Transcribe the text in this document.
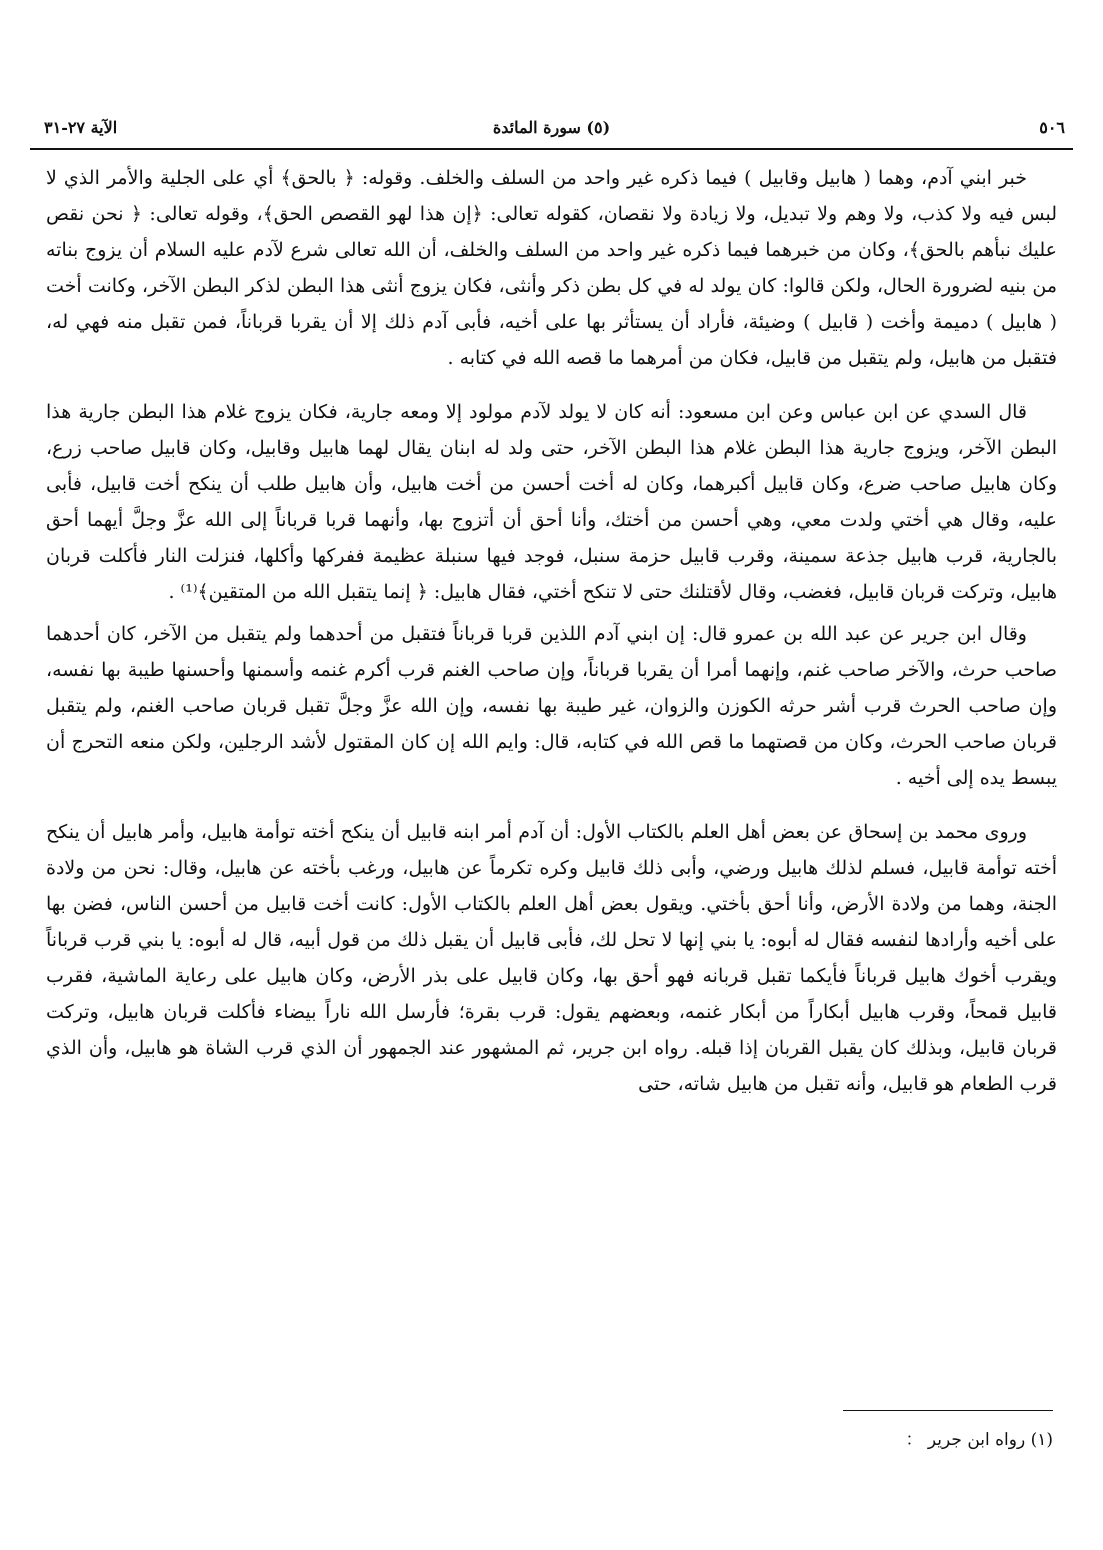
٥٠٦
(٥) سورة المائدة
الآية ٢٧-٣١

خبر ابني آدم، وهما ( هابيل وقابيل ) فيما ذكره غير واحد من السلف والخلف. وقوله: ﴿ بالحق﴾ أي على الجلية والأمر الذي لا لبس فيه ولا كذب، ولا وهم ولا تبديل، ولا زيادة ولا نقصان، كقوله تعالى: ﴿إن هذا لهو القصص الحق﴾، وقوله تعالى: ﴿ نحن نقص عليك نبأهم بالحق﴾، وكان من خبرهما فيما ذكره غير واحد من السلف والخلف، أن الله تعالى شرع لآدم عليه السلام أن يزوج بناته من بنيه لضرورة الحال، ولكن قالوا: كان يولد له في كل بطن ذكر وأنثى، فكان يزوج أنثى هذا البطن لذكر البطن الآخر، وكانت أخت ( هابيل ) دميمة وأخت ( قابيل ) وضيئة، فأراد أن يستأثر بها على أخيه، فأبى آدم ذلك إلا أن يقربا قرباناً، فمن تقبل منه فهي له، فتقبل من هابيل، ولم يتقبل من قابيل، فكان من أمرهما ما قصه الله في كتابه .

قال السدي عن ابن عباس وعن ابن مسعود: أنه كان لا يولد لآدم مولود إلا ومعه جارية، فكان يزوج غلام هذا البطن جارية هذا البطن الآخر، ويزوج جارية هذا البطن غلام هذا البطن الآخر، حتى ولد له ابنان يقال لهما هابيل وقابيل، وكان قابيل صاحب زرع، وكان هابيل صاحب ضرع، وكان قابيل أكبرهما، وكان له أخت أحسن من أخت هابيل، وأن هابيل طلب أن ينكح أخت قابيل، فأبى عليه، وقال هي أختي ولدت معي، وهي أحسن من أختك، وأنا أحق أن أتزوج بها، وأنهما قربا قرباناً إلى الله عزَّ وجلَّ أيهما أحق بالجارية، قرب هابيل جذعة سمينة، وقرب قابيل حزمة سنبل، فوجد فيها سنبلة عظيمة ففركها وأكلها، فنزلت النار فأكلت قربان هابيل، وتركت قربان قابيل، فغضب، وقال لأقتلنك حتى لا تنكح أختي، فقال هابيل: ﴿ إنما يتقبل الله من المتقين﴾⁽¹⁾ .

وقال ابن جرير عن عبد الله بن عمرو قال: إن ابني آدم اللذين قربا قرباناً فتقبل من أحدهما ولم يتقبل من الآخر، كان أحدهما صاحب حرث، والآخر صاحب غنم، وإنهما أمرا أن يقربا قرباناً، وإن صاحب الغنم قرب أكرم غنمه وأسمنها وأحسنها طيبة بها نفسه، وإن صاحب الحرث قرب أشر حرثه الكوزن والزوان، غير طيبة بها نفسه، وإن الله عزَّ وجلَّ تقبل قربان صاحب الغنم، ولم يتقبل قربان صاحب الحرث، وكان من قصتهما ما قص الله في كتابه، قال: وايم الله إن كان المقتول لأشد الرجلين، ولكن منعه التحرج أن يبسط يده إلى أخيه .

وروى محمد بن إسحاق عن بعض أهل العلم بالكتاب الأول: أن آدم أمر ابنه قابيل أن ينكح أخته توأمة هابيل، وأمر هابيل أن ينكح أخته توأمة قابيل، فسلم لذلك هابيل ورضي، وأبى ذلك قابيل وكره تكرماً عن هابيل، ورغب بأخته عن هابيل، وقال: نحن من ولادة الجنة، وهما من ولادة الأرض، وأنا أحق بأختي. ويقول بعض أهل العلم بالكتاب الأول: كانت أخت قابيل من أحسن الناس، فضن بها على أخيه وأرادها لنفسه فقال له أبوه: يا بني إنها لا تحل لك، فأبى قابيل أن يقبل ذلك من قول أبيه، قال له أبوه: يا بني قرب قرباناً ويقرب أخوك هابيل قرباناً فأيكما تقبل قربانه فهو أحق بها، وكان قابيل على بذر الأرض، وكان هابيل على رعاية الماشية، فقرب قابيل قمحاً، وقرب هابيل أبكاراً من أبكار غنمه، وبعضهم يقول: قرب بقرة؛ فأرسل الله ناراً بيضاء فأكلت قربان هابيل، وتركت قربان قابيل، وبذلك كان يقبل القربان إذا قبله. رواه ابن جرير، ثم المشهور عند الجمهور أن الذي قرب الشاة هو هابيل، وأن الذي قرب الطعام هو قابيل، وأنه تقبل من هابيل شاته، حتى

(١) رواه ابن جرير ：
